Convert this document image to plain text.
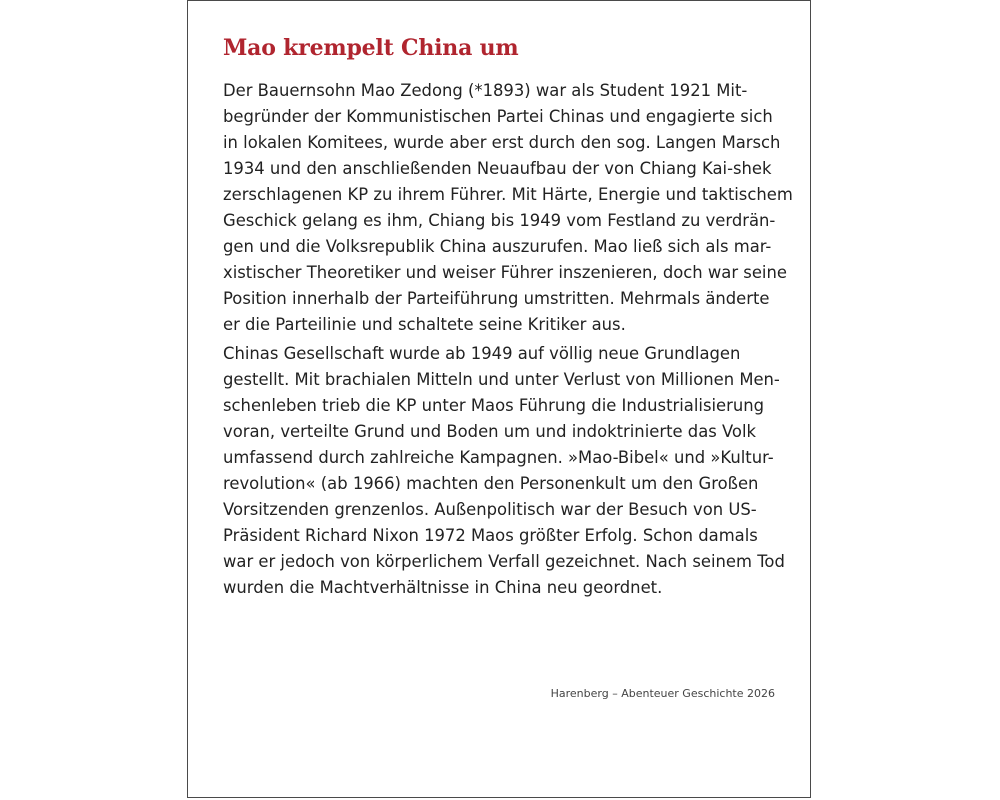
Mao krempelt China um

Der Bauernsohn Mao Zedong (*1893) war als Student 1921 Mit-
begründer der Kommunistischen Partei Chinas und engagierte sich
in lokalen Komitees, wurde aber erst durch den sog. Langen Marsch
1934 und den anschließenden Neuaufbau der von Chiang Kai-shek
zerschlagenen KP zu ihrem Führer. Mit Härte, Energie und taktischem
Geschick gelang es ihm, Chiang bis 1949 vom Festland zu verdrän-
gen und die Volksrepublik China auszurufen. Mao ließ sich als mar-
xistischer Theoretiker und weiser Führer inszenieren, doch war seine
Position innerhalb der Parteiführung umstritten. Mehrmals änderte
er die Parteilinie und schaltete seine Kritiker aus.

Chinas Gesellschaft wurde ab 1949 auf völlig neue Grundlagen
gestellt. Mit brachialen Mitteln und unter Verlust von Millionen Men-
schenleben trieb die KP unter Maos Führung die Industrialisierung
voran, verteilte Grund und Boden um und indoktrinierte das Volk
umfassend durch zahlreiche Kampagnen. »Mao-Bibel« und »Kultur-
revolution« (ab 1966) machten den Personenkult um den Großen
Vorsitzenden grenzenlos. Außenpolitisch war der Besuch von US-
Präsident Richard Nixon 1972 Maos größter Erfolg. Schon damals
war er jedoch von körperlichem Verfall gezeichnet. Nach seinem Tod
wurden die Machtverhältnisse in China neu geordnet.

Harenberg – Abenteuer Geschichte 2026
